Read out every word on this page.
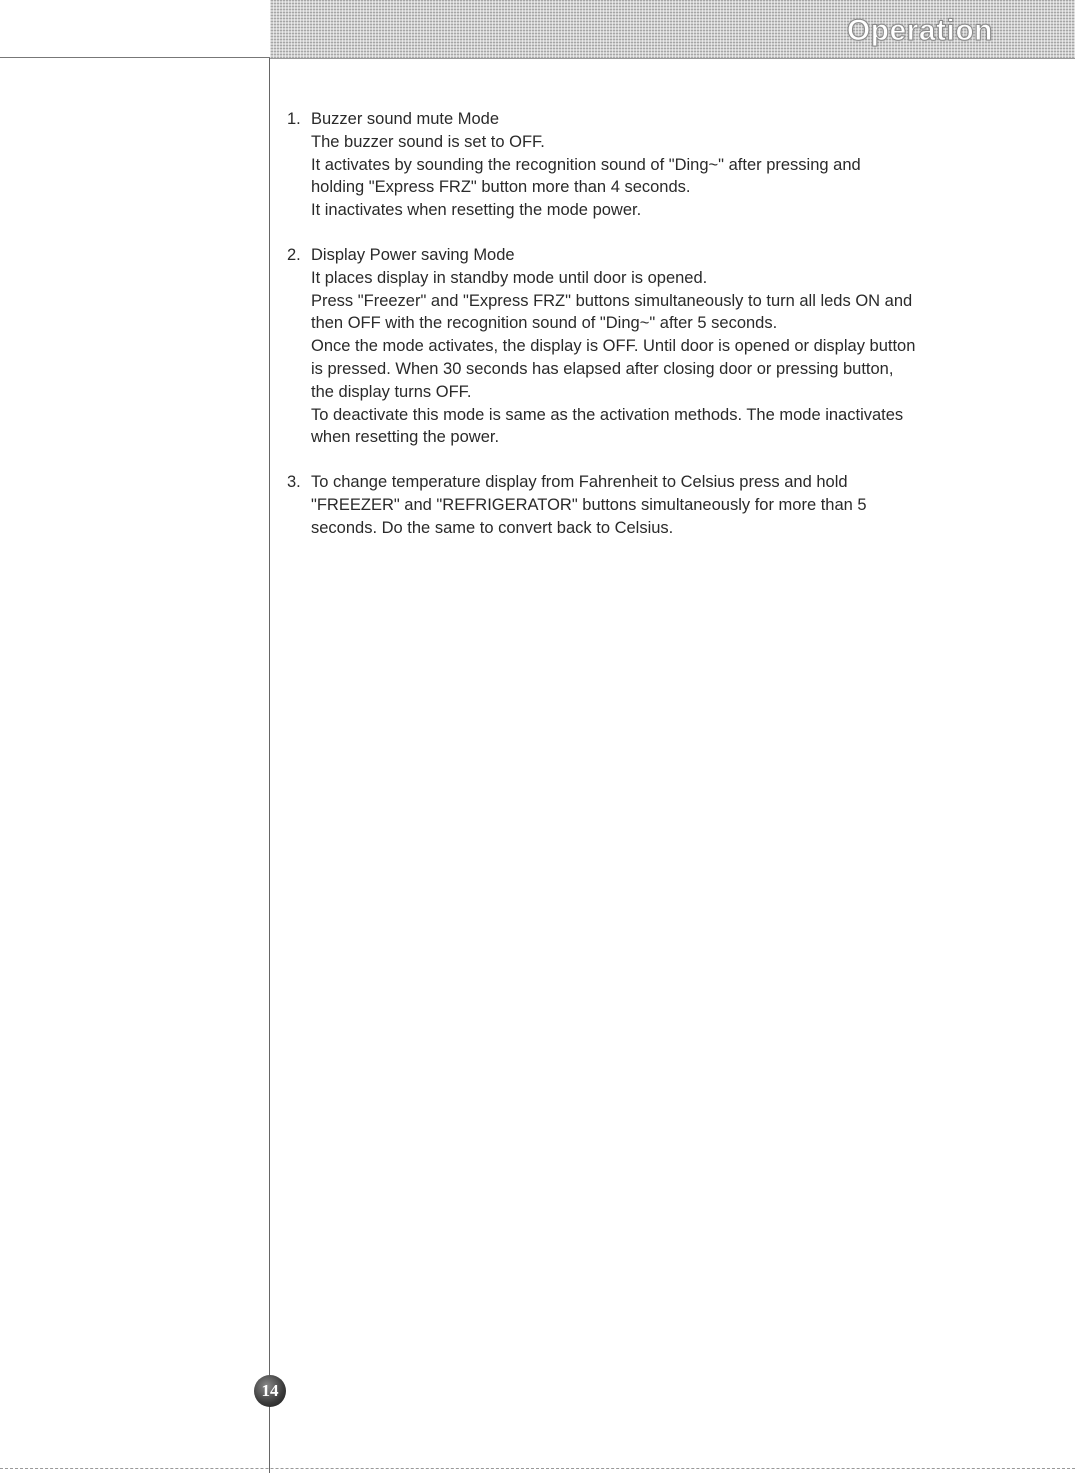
Operation
1. Buzzer sound mute Mode

The buzzer sound is set to OFF.

It activates by sounding the recognition sound of "Ding~" after pressing and

holding "Express FRZ" button more than 4 seconds.

It inactivates when resetting the mode power.

2. Display Power saving Mode

It places display in standby mode until door is opened.

Press "Freezer" and "Express FRZ" buttons simultaneously to turn all leds ON and

then OFF with the recognition sound of "Ding~" after 5 seconds.

Once the mode activates, the display is OFF. Until door is opened or display button

is pressed. When 30 seconds has elapsed after closing door or pressing button,

the display turns OFF.

To deactivate this mode is same as the activation methods. The mode inactivates

when resetting the power.

3. To change temperature display from Fahrenheit to Celsius press and hold

"FREEZER" and "REFRIGERATOR" buttons simultaneously for more than 5

seconds. Do the same to convert back to Celsius.

14
